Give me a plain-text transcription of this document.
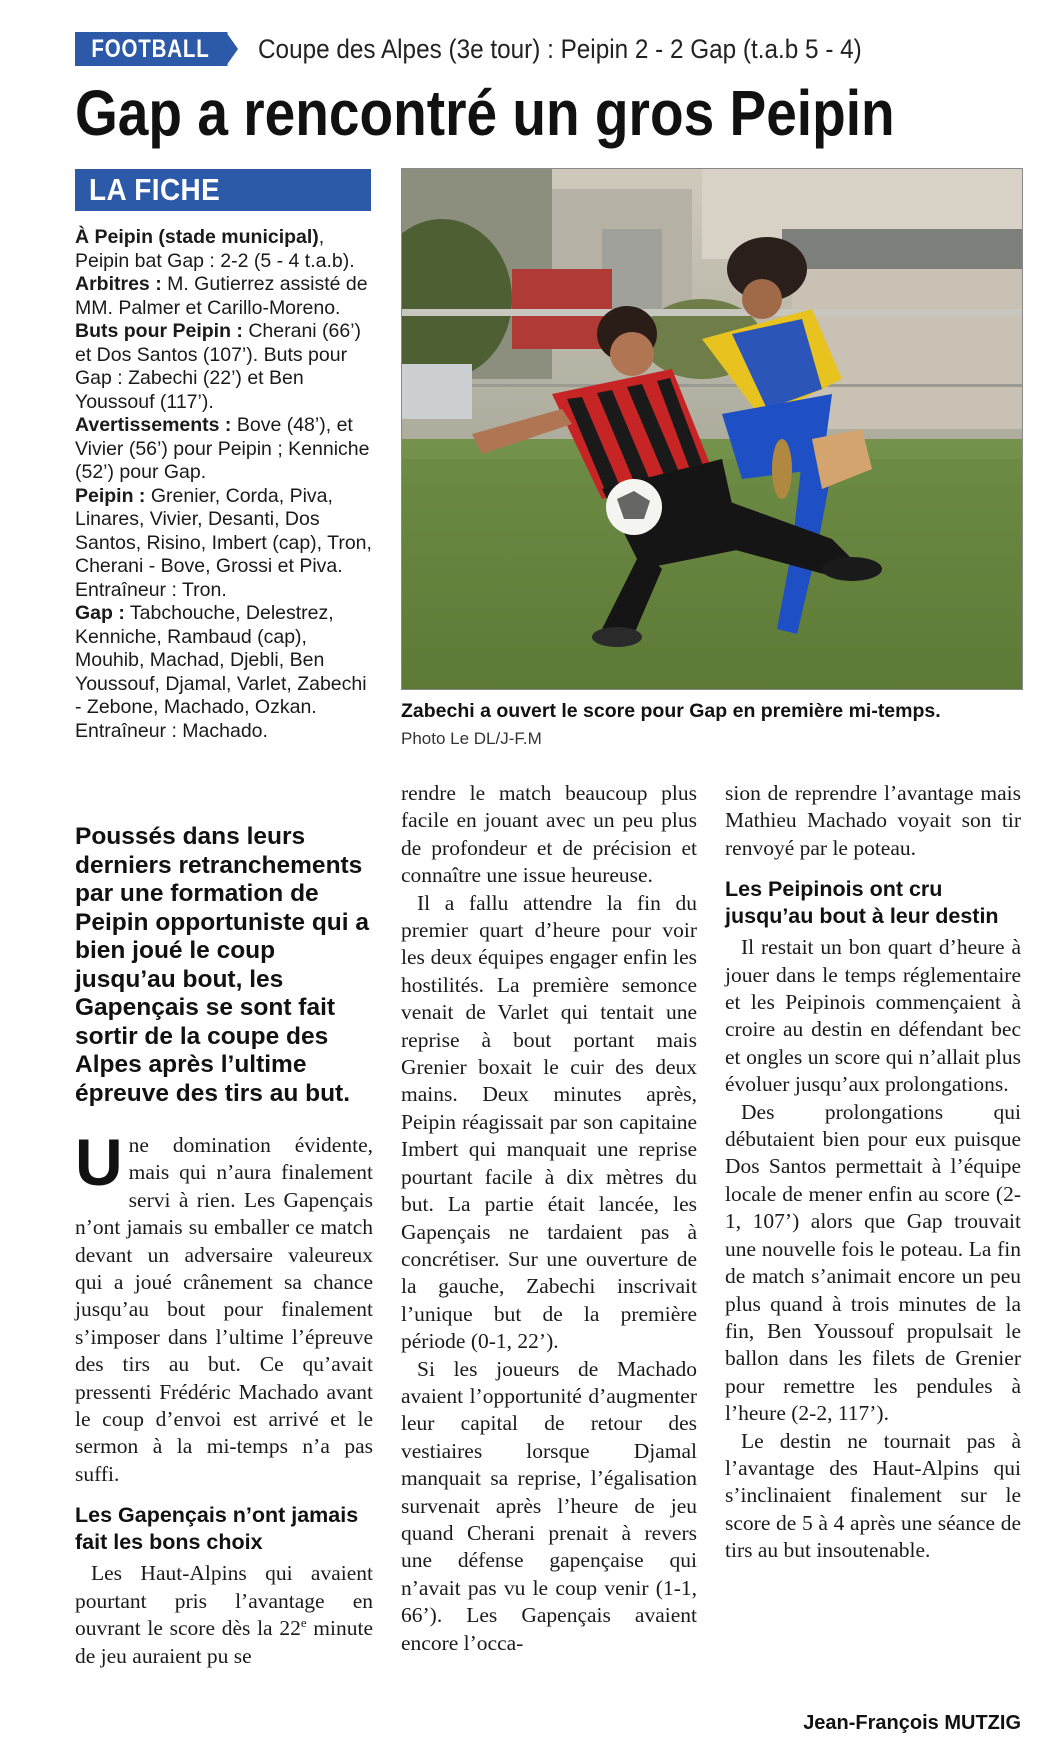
FOOTBALL	Coupe des Alpes (3e tour) : Peipin 2 - 2 Gap (t.a.b 5 - 4)
Gap a rencontré un gros Peipin
LA FICHE

À Peipin (stade municipal), Peipin bat Gap : 2-2 (5 - 4 t.a.b).

Arbitres : M. Gutierrez assisté de MM. Palmer et Carillo-Moreno.

Buts pour Peipin : Cherani (66’) et Dos Santos (107’). Buts pour Gap : Zabechi (22’) et Ben Youssouf (117’).

Avertissements : Bove (48’), et Vivier (56’) pour Peipin ; Kenniche (52’) pour Gap.

Peipin : Grenier, Corda, Piva, Linares, Vivier, Desanti, Dos Santos, Risino, Imbert (cap), Tron, Cherani - Bove, Grossi et Piva. Entraîneur : Tron.

Gap : Tabchouche, Delestrez, Kenniche, Rambaud (cap), Mouhib, Machad, Djebli, Ben Youssouf, Djamal, Varlet, Zabechi - Zebone, Machado, Ozkan. Entraîneur : Machado.

Zabechi a ouvert le score pour Gap en première mi-temps.
Photo Le DL/J-F.M
Poussés dans leurs derniers retranchements par une formation de Peipin opportuniste qui a bien joué le coup jusqu’au bout, les Gapençais se sont fait sortir de la coupe des Alpes après l’ultime épreuve des tirs au but.

Une domination évidente, mais qui n’aura finalement servi à rien. Les Gapençais n’ont jamais su emballer ce match devant un adversaire valeureux qui a joué crânement sa chance jusqu’au bout pour finalement s’imposer dans l’ultime l’épreuve des tirs au but. Ce qu’avait pressenti Frédéric Machado avant le coup d’envoi est arrivé et le sermon à la mi-temps n’a pas suffi.

Les Gapençais n’ont jamais fait les bons choix

Les Haut-Alpins qui avaient pourtant pris l’avantage en ouvrant le score dès la 22e minute de jeu auraient pu se

rendre le match beaucoup plus facile en jouant avec un peu plus de profondeur et de précision et connaître une issue heureuse.

Il a fallu attendre la fin du premier quart d’heure pour voir les deux équipes engager enfin les hostilités. La première semonce venait de Varlet qui tentait une reprise à bout portant mais Grenier boxait le cuir des deux mains. Deux minutes après, Peipin réagissait par son capitaine Imbert qui manquait une reprise pourtant facile à dix mètres du but. La partie était lancée, les Gapençais ne tardaient pas à concrétiser. Sur une ouverture de la gauche, Zabechi inscrivait l’unique but de la première période (0-1, 22’).

Si les joueurs de Machado avaient l’opportunité d’augmenter leur capital de retour des vestiaires lorsque Djamal manquait sa reprise, l’égalisation survenait après l’heure de jeu quand Cherani prenait à revers une défense gapençaise qui n’avait pas vu le coup venir (1-1, 66’). Les Gapençais avaient encore l’occa-

sion de reprendre l’avantage mais Mathieu Machado voyait son tir renvoyé par le poteau.

Les Peipinois ont cru jusqu’au bout à leur destin

Il restait un bon quart d’heure à jouer dans le temps réglementaire et les Peipinois commençaient à croire au destin en défendant bec et ongles un score qui n’allait plus évoluer jusqu’aux prolongations.

Des prolongations qui débutaient bien pour eux puisque Dos Santos permettait à l’équipe locale de mener enfin au score (2-1, 107’) alors que Gap trouvait une nouvelle fois le poteau. La fin de match s’animait encore un peu plus quand à trois minutes de la fin, Ben Youssouf propulsait le ballon dans les filets de Grenier pour remettre les pendules à l’heure (2-2, 117’).

Le destin ne tournait pas à l’avantage des Haut-Alpins qui s’inclinaient finalement sur le score de 5 à 4 après une séance de tirs au but insoutenable.

Jean-François MUTZIG
